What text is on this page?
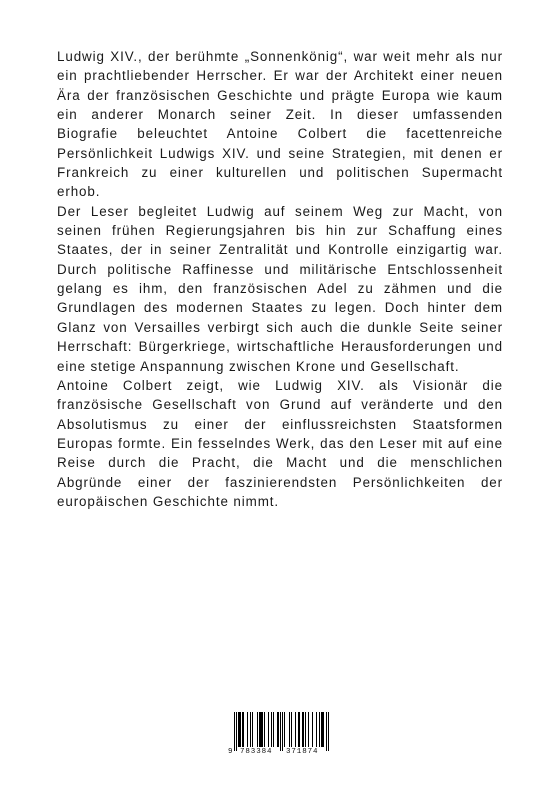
Ludwig XIV., der berühmte „Sonnenkönig“, war weit mehr als nur ein prachtliebender Herrscher. Er war der Architekt einer neuen Ära der französischen Geschichte und prägte Europa wie kaum ein anderer Monarch seiner Zeit. In dieser umfassenden Biografie beleuchtet Antoine Colbert die facettenreiche Persönlichkeit Ludwigs XIV. und seine Strategien, mit denen er Frankreich zu einer kulturellen und politischen Supermacht erhob.

Der Leser begleitet Ludwig auf seinem Weg zur Macht, von seinen frühen Regierungsjahren bis hin zur Schaffung eines Staates, der in seiner Zentralität und Kontrolle einzigartig war. Durch politische Raffinesse und militärische Entschlossenheit gelang es ihm, den französischen Adel zu zähmen und die Grundlagen des modernen Staates zu legen. Doch hinter dem Glanz von Versailles verbirgt sich auch die dunkle Seite seiner Herrschaft: Bürgerkriege, wirtschaftliche Herausforderungen und eine stetige Anspannung zwischen Krone und Gesellschaft.

Antoine Colbert zeigt, wie Ludwig XIV. als Visionär die französische Gesellschaft von Grund auf veränderte und den Absolutismus zu einer der einflussreichsten Staatsformen Europas formte. Ein fesselndes Werk, das den Leser mit auf eine Reise durch die Pracht, die Macht und die menschlichen Abgründe einer der faszinierendsten Persönlichkeiten der europäischen Geschichte nimmt.

9 783384 371874
